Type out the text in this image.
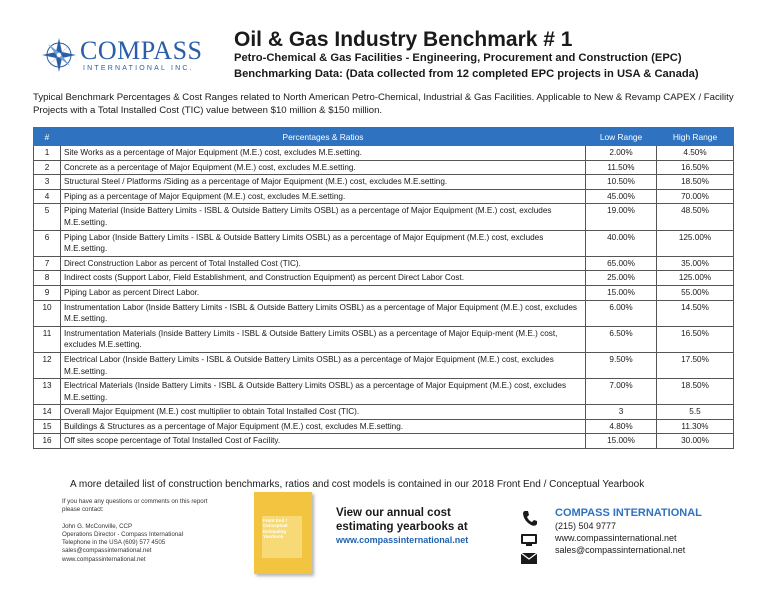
COMPASS
INTERNATIONAL INC.
Oil & Gas Industry Benchmark # 1
Petro-Chemical & Gas Facilities - Engineering, Procurement and Construction (EPC)
Benchmarking Data: (Data collected from 12 completed EPC projects in USA & Canada)
Typical Benchmark Percentages & Cost Ranges related to North American Petro-Chemical, Industrial & Gas Facilities. Applicable to New & Revamp CAPEX / Facility Projects with a Total Installed Cost (TIC) value between $10 million & $150 million.
#	Percentages & Ratios	Low Range	High Range
1	Site Works as a percentage of Major Equipment (M.E.) cost, excludes M.E.setting.	2.00%	4.50%
2	Concrete as a percentage of Major Equipment (M.E.) cost, excludes M.E.setting.	11.50%	16.50%
3	Structural Steel / Platforms /Siding as a percentage of Major Equipment (M.E.) cost, excludes M.E.setting.	10.50%	18.50%
4	Piping as a percentage of Major Equipment (M.E.) cost, excludes M.E.setting.	45.00%	70.00%
5	Piping Material (Inside Battery Limits - ISBL & Outside Battery Limits OSBL) as a percentage of Major Equipment (M.E.) cost, excludes M.E.setting.	19.00%	48.50%
6	Piping Labor (Inside Battery Limits - ISBL & Outside Battery Limits OSBL) as a percentage of Major Equipment (M.E.) cost, excludes M.E.setting.	40.00%	125.00%
7	Direct Construction Labor as percent of Total Installed Cost (TIC).	65.00%	35.00%
8	Indirect costs (Support Labor, Field Establishment, and Construction Equipment) as percent Direct Labor Cost.	25.00%	125.00%
9	Piping Labor as percent Direct Labor.	15.00%	55.00%
10	Instrumentation Labor (Inside Battery Limits - ISBL & Outside Battery Limits OSBL) as a percentage of Major Equipment (M.E.) cost, excludes M.E.setting.	6.00%	14.50%
11	Instrumentation Materials (Inside Battery Limits - ISBL & Outside Battery Limits OSBL) as a percentage of Major Equip-ment (M.E.) cost, excludes M.E.setting.	6.50%	16.50%
12	Electrical Labor (Inside Battery Limits - ISBL & Outside Battery Limits OSBL) as a percentage of Major Equipment (M.E.) cost, excludes M.E.setting.	9.50%	17.50%
13	Electrical Materials (Inside Battery Limits - ISBL & Outside Battery Limits OSBL) as a percentage of Major Equipment (M.E.) cost, excludes M.E.setting.	7.00%	18.50%
14	Overall Major Equipment (M.E.) cost multiplier to obtain Total Installed Cost (TIC).	3	5.5
15	Buildings & Structures as a percentage of Major Equipment (M.E.) cost, excludes M.E.setting.	4.80%	11.30%
16	Off sites scope percentage of Total Installed Cost of Facility.	15.00%	30.00%
A more detailed list of construction benchmarks, ratios and cost models is contained in our 2018 Front End / Conceptual Yearbook
If you have any questions or comments on this report
please contact:
John G. McConville, CCP
Operations Director - Compass International
Telephone in the USA (609) 577 4505
sales@compassinternational.net
www.compassinternational.net
Front End /
Conceptual
Estimating
Yearbook
View our annual cost
estimating yearbooks at
www.compassinternational.net
COMPASS INTERNATIONAL
(215) 504 9777
www.compassinternational.net
sales@compassinternational.net
